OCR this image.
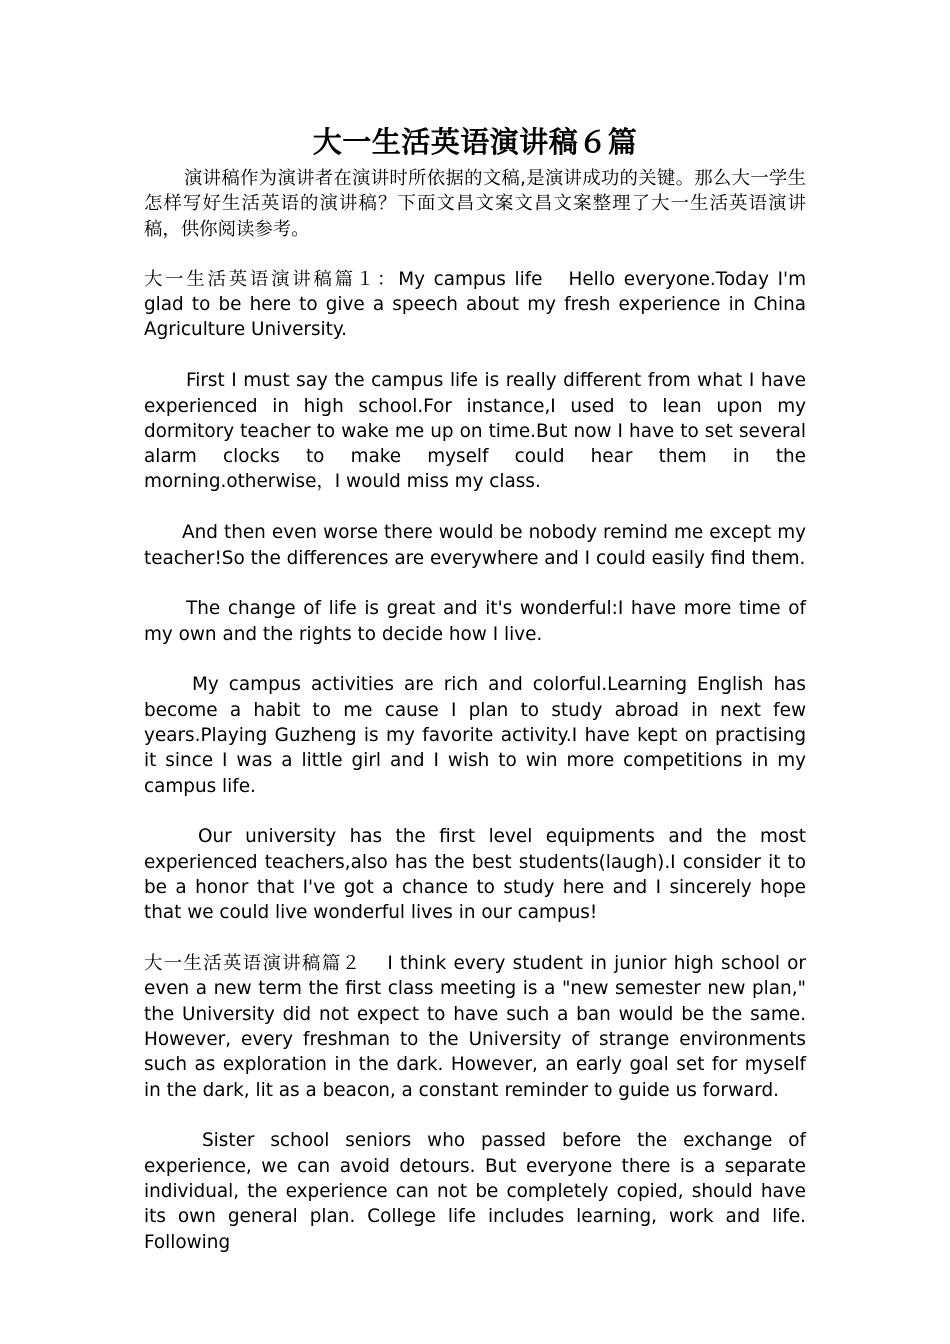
大一生活英语演讲稿６篇

演讲稿作为演讲者在演讲时所依据的文稿,是演讲成功的关键。那么大一学生怎样写好生活英语的演讲稿？下面文昌文案文昌文案整理了大一生活英语演讲稿，供你阅读参考。

大一生活英语演讲稿篇１：My campus life Hello everyone.Today I'm glad to be here to give a speech about my fresh experience in China Agriculture University.

First I must say the campus life is really different from what I have experienced in high school.For instance,I used to lean upon my dormitory teacher to wake me up on time.But now I have to set several alarm clocks to make myself could hear them in the morning.otherwise，I would miss my class.

And then even worse there would be nobody remind me except my teacher!So the differences are everywhere and I could easily find them.

The change of life is great and it's wonderful:I have more time of my own and the rights to decide how I live.

My campus activities are rich and colorful.Learning English has become a habit to me cause I plan to study abroad in next few years.Playing Guzheng is my favorite activity.I have kept on practising it since I was a little girl and I wish to win more competitions in my campus life.

Our university has the first level equipments and the most experienced teachers,also has the best students(laugh).I consider it to be a honor that I've got a chance to study here and I sincerely hope that we could live wonderful lives in our campus!

大一生活英语演讲稿篇２ I think every student in junior high school or even a new term the first class meeting is a "new semester new plan," the University did not expect to have such a ban would be the same. However, every freshman to the University of strange environments such as exploration in the dark. However, an early goal set for myself in the dark, lit as a beacon, a constant reminder to guide us forward.

Sister school seniors who passed before the exchange of experience, we can avoid detours. But everyone there is a separate individual, the experience can not be completely copied, should have its own general plan. College life includes learning, work and life. Following
